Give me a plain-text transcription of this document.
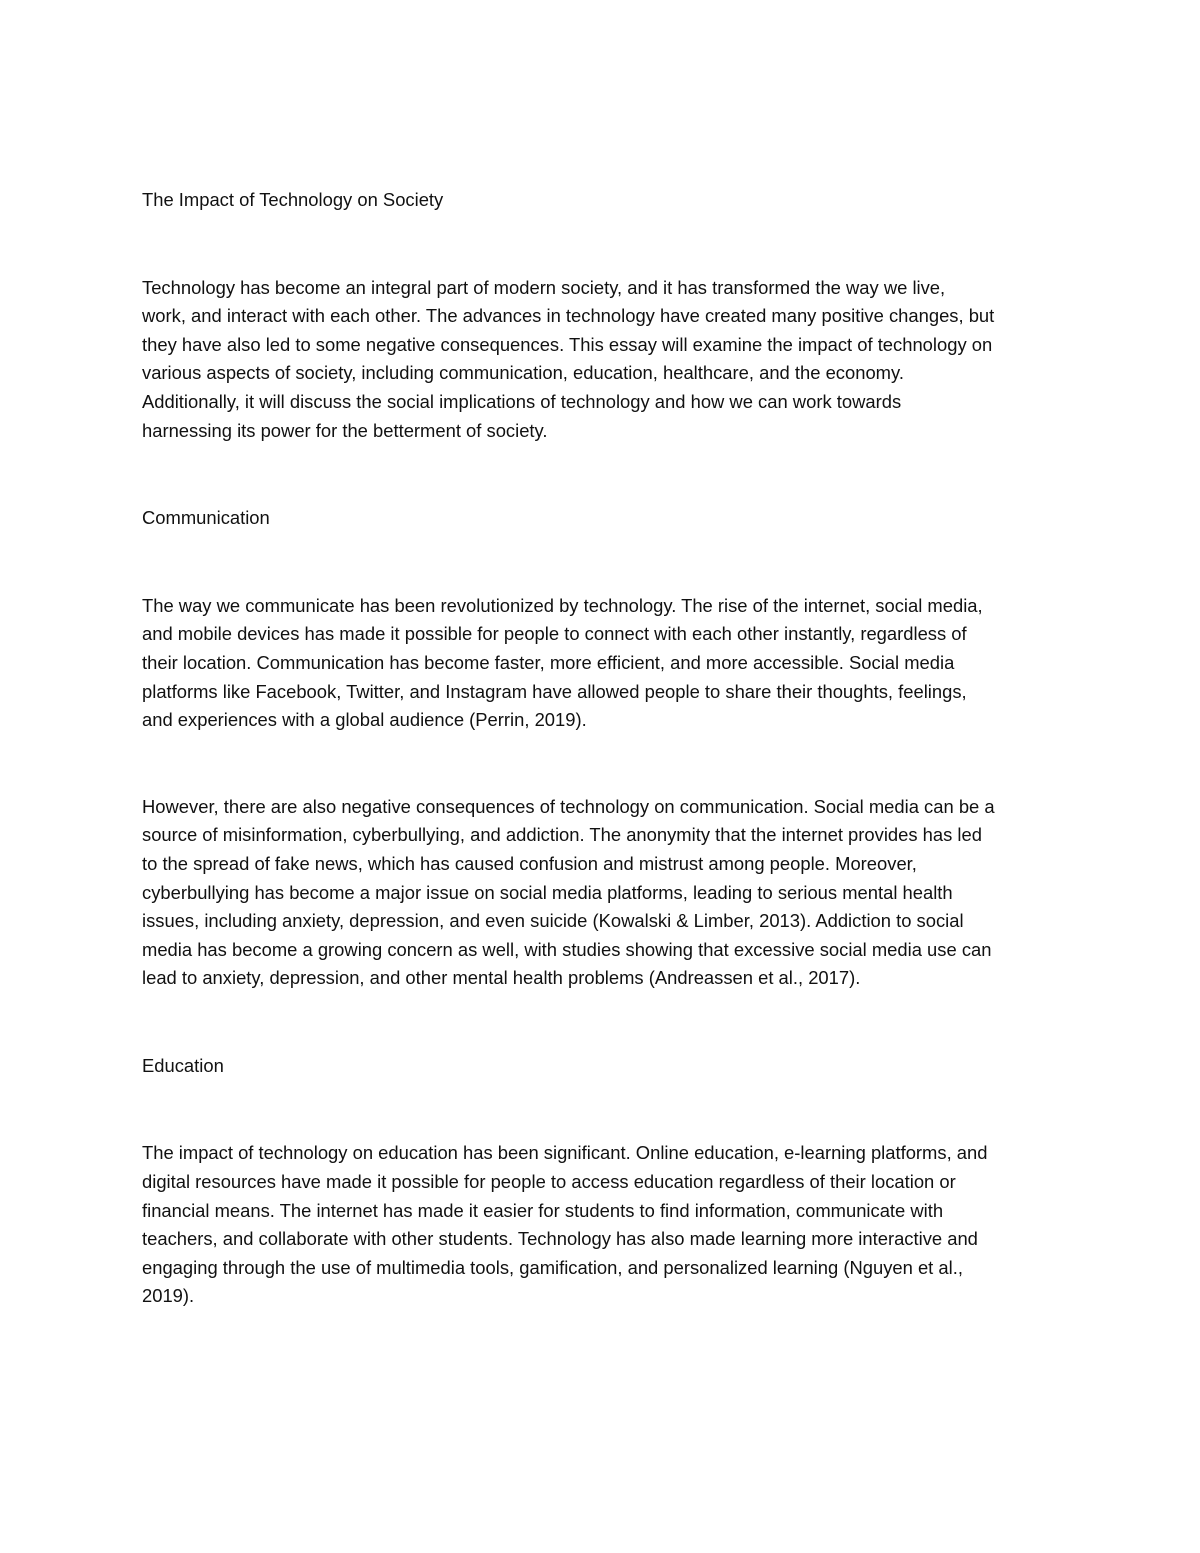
The Impact of Technology on Society
Technology has become an integral part of modern society, and it has transformed the way we live,
work, and interact with each other. The advances in technology have created many positive changes, but
they have also led to some negative consequences. This essay will examine the impact of technology on
various aspects of society, including communication, education, healthcare, and the economy.
Additionally, it will discuss the social implications of technology and how we can work towards
harnessing its power for the betterment of society.
Communication
The way we communicate has been revolutionized by technology. The rise of the internet, social media,
and mobile devices has made it possible for people to connect with each other instantly, regardless of
their location. Communication has become faster, more efficient, and more accessible. Social media
platforms like Facebook, Twitter, and Instagram have allowed people to share their thoughts, feelings,
and experiences with a global audience (Perrin, 2019).
However, there are also negative consequences of technology on communication. Social media can be a
source of misinformation, cyberbullying, and addiction. The anonymity that the internet provides has led
to the spread of fake news, which has caused confusion and mistrust among people. Moreover,
cyberbullying has become a major issue on social media platforms, leading to serious mental health
issues, including anxiety, depression, and even suicide (Kowalski & Limber, 2013). Addiction to social
media has become a growing concern as well, with studies showing that excessive social media use can
lead to anxiety, depression, and other mental health problems (Andreassen et al., 2017).
Education
The impact of technology on education has been significant. Online education, e-learning platforms, and
digital resources have made it possible for people to access education regardless of their location or
financial means. The internet has made it easier for students to find information, communicate with
teachers, and collaborate with other students. Technology has also made learning more interactive and
engaging through the use of multimedia tools, gamification, and personalized learning (Nguyen et al.,
2019).
